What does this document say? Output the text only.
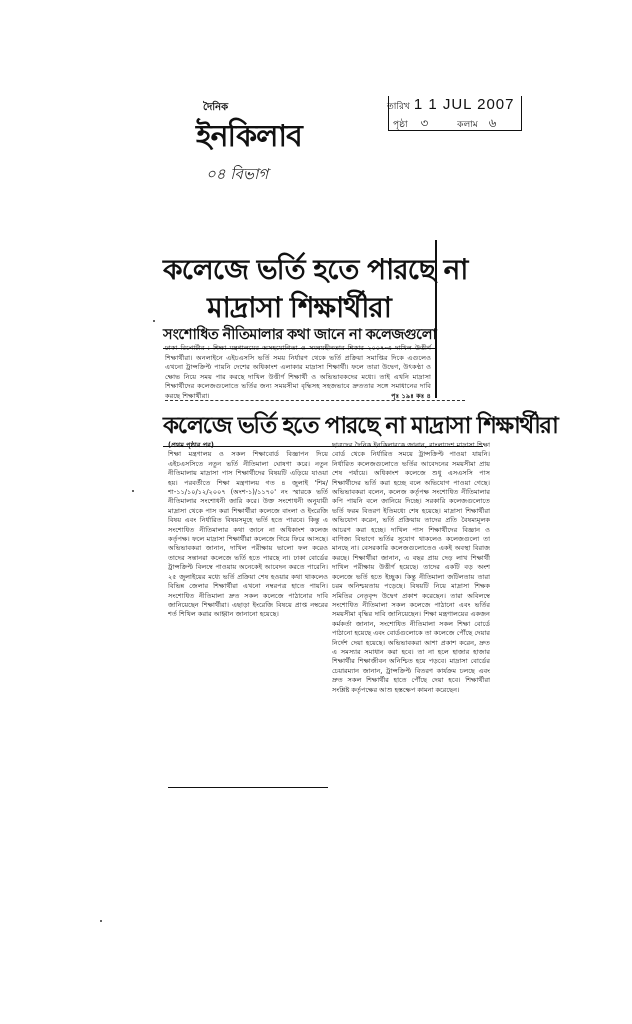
দৈনিক
ইনকিলাব
তারিখ 1 1 JUL 2007
পৃষ্ঠা ৩	কলাম ৬
০৪ বিভাগ
কলেজে ভর্তি হতে পারছে না
মাদ্রাসা শিক্ষার্থীরা
সংশোধিত নীতিমালার কথা জানে না কলেজগুলো
ঢাকা রিপোর্টার : শিক্ষা মন্ত্রণালয়ের অসহযোগিতা ও সমন্বয়হীনতার শিকার ২০০৭-এ দাখিল উত্তীর্ণ শিক্ষার্থীরা। অনলাইনে এইচএসসি ভর্তি সময় নির্ধারণ থেকে ভর্তি প্রক্রিয়া সমাপ্তির দিকে এগুলেও এখনো ট্রান্সক্রিপ্ট পায়নি দেশের অধিকাংশ এলাকার মাদ্রাসা শিক্ষার্থী। ফলে তারা উদ্বেগ, উৎকণ্ঠা ও ক্ষোভ নিয়ে সময় পার করছে দাখিল উত্তীর্ণ শিক্ষার্থী ও অভিভাবকদের মধ্যে। তাই এখনি মাদ্রাসা শিক্ষার্থীদের কলেজগুলোতে ভর্তির জন্য সময়সীমা বৃদ্ধিসহ সহজভাবে দ্রুততার সঙ্গে সমাধানের দাবি করছে শিক্ষার্থীরা।	পৃঃ ১৯ঃ কঃ ৪
কলেজে ভর্তি হতে পারছে না মাদ্রাসা শিক্ষার্থীরা
(প্রথম পৃষ্ঠার পর)
শিক্ষা মন্ত্রণালয় ও সকল শিক্ষাবোর্ড বিজ্ঞাপন দিয়ে এইচএসসিতে নতুন ভর্তি নীতিমালা ঘোষণা করে। নতুন নীতিমালায় মাদ্রাসা পাস শিক্ষার্থীদের বিষয়টি এড়িয়ে যাওয়া হয়। পরবর্তীতে শিক্ষা মন্ত্রণালয় গত ৪ জুলাই 'শিম/শা-১১/১০/১২/২০০৭ (অংশ-১)/১১৭০' নং স্মারকে ভর্তি নীতিমালার সংশোধনী জারি করে। উক্ত সংশোধনী অনুযায়ী মাদ্রাসা থেকে পাস করা শিক্ষার্থীরা কলেজে বাংলা ও ইংরেজি বিষয় এবং নির্ধারিত বিষয়সমূহে ভর্তি হতে পারবে। কিন্তু এ সংশোধিত নীতিমালার কথা জানে না অধিকাংশ কলেজ কর্তৃপক্ষ। ফলে মাদ্রাসা শিক্ষার্থীরা কলেজে গিয়ে ফিরে আসছে। অভিভাবকরা জানান, দাখিল পরীক্ষায় ভালো ফল করেও তাদের সন্তানরা কলেজে ভর্তি হতে পারছে না। ঢাকা বোর্ডের ট্রান্সক্রিপ্ট বিলম্বে পাওয়ায় অনেকেই আবেদন করতে পারেনি। ২৫ জুলাইয়ের মধ্যে ভর্তি প্রক্রিয়া শেষ হওয়ার কথা থাকলেও বিভিন্ন জেলার শিক্ষার্থীরা এখনো নম্বরপত্র হাতে পায়নি। সংশোধিত নীতিমালা দ্রুত সকল কলেজে পাঠানোর দাবি জানিয়েছেন শিক্ষার্থীরা। এছাড়া ইংরেজি বিষয়ে প্রাপ্ত নম্বরের শর্ত শিথিল করার আহ্বান জানানো হয়েছে।
ছাত্রদের দৈনিক ইনকিলাবকে জানান, বাংলাদেশ মাদ্রাসা শিক্ষা বোর্ড থেকে নির্ধারিত সময়ে ট্রান্সক্রিপ্ট পাওয়া যায়নি। নির্ধারিত কলেজগুলোতে ভর্তির আবেদনের সময়সীমা প্রায় শেষ পর্যায়ে। অধিকাংশ কলেজে শুধু এসএসসি পাস শিক্ষার্থীদের ভর্তি করা হচ্ছে বলে অভিযোগ পাওয়া গেছে। অভিভাবকরা বলেন, কলেজ কর্তৃপক্ষ সংশোধিত নীতিমালার কপি পায়নি বলে জানিয়ে দিচ্ছে। সরকারি কলেজগুলোতে ভর্তি ফরম বিতরণ ইতিমধ্যে শেষ হয়েছে। মাদ্রাসা শিক্ষার্থীরা অভিযোগ করেন, ভর্তি প্রক্রিয়ায় তাদের প্রতি বৈষম্যমূলক আচরণ করা হচ্ছে। দাখিল পাস শিক্ষার্থীদের বিজ্ঞান ও বাণিজ্য বিভাগে ভর্তির সুযোগ থাকলেও কলেজগুলো তা মানছে না। বেসরকারি কলেজগুলোতেও একই অবস্থা বিরাজ করছে। শিক্ষার্থীরা জানান, এ বছর প্রায় দেড় লাখ শিক্ষার্থী দাখিল পরীক্ষায় উত্তীর্ণ হয়েছে। তাদের একটি বড় অংশ কলেজে ভর্তি হতে ইচ্ছুক। কিন্তু নীতিমালা জটিলতায় তারা চরম অনিশ্চয়তায় পড়েছে। বিষয়টি নিয়ে মাদ্রাসা শিক্ষক সমিতির নেতৃবৃন্দ উদ্বেগ প্রকাশ করেছেন। তারা অবিলম্বে সংশোধিত নীতিমালা সকল কলেজে পাঠানো এবং ভর্তির সময়সীমা বৃদ্ধির দাবি জানিয়েছেন। শিক্ষা মন্ত্রণালয়ের একজন কর্মকর্তা জানান, সংশোধিত নীতিমালা সকল শিক্ষা বোর্ডে পাঠানো হয়েছে এবং বোর্ডগুলোকে তা কলেজে পৌঁছে দেয়ার নির্দেশ দেয়া হয়েছে। অভিভাবকরা আশা প্রকাশ করেন, দ্রুত এ সমস্যার সমাধান করা হবে। তা না হলে হাজার হাজার শিক্ষার্থীর শিক্ষাজীবন অনিশ্চিত হয়ে পড়বে। মাদ্রাসা বোর্ডের চেয়ারম্যান জানান, ট্রান্সক্রিপ্ট বিতরণ কার্যক্রম চলছে এবং দ্রুত সকল শিক্ষার্থীর হাতে পৌঁছে দেয়া হবে। শিক্ষার্থীরা সংশ্লিষ্ট কর্তৃপক্ষের আশু হস্তক্ষেপ কামনা করেছেন।
